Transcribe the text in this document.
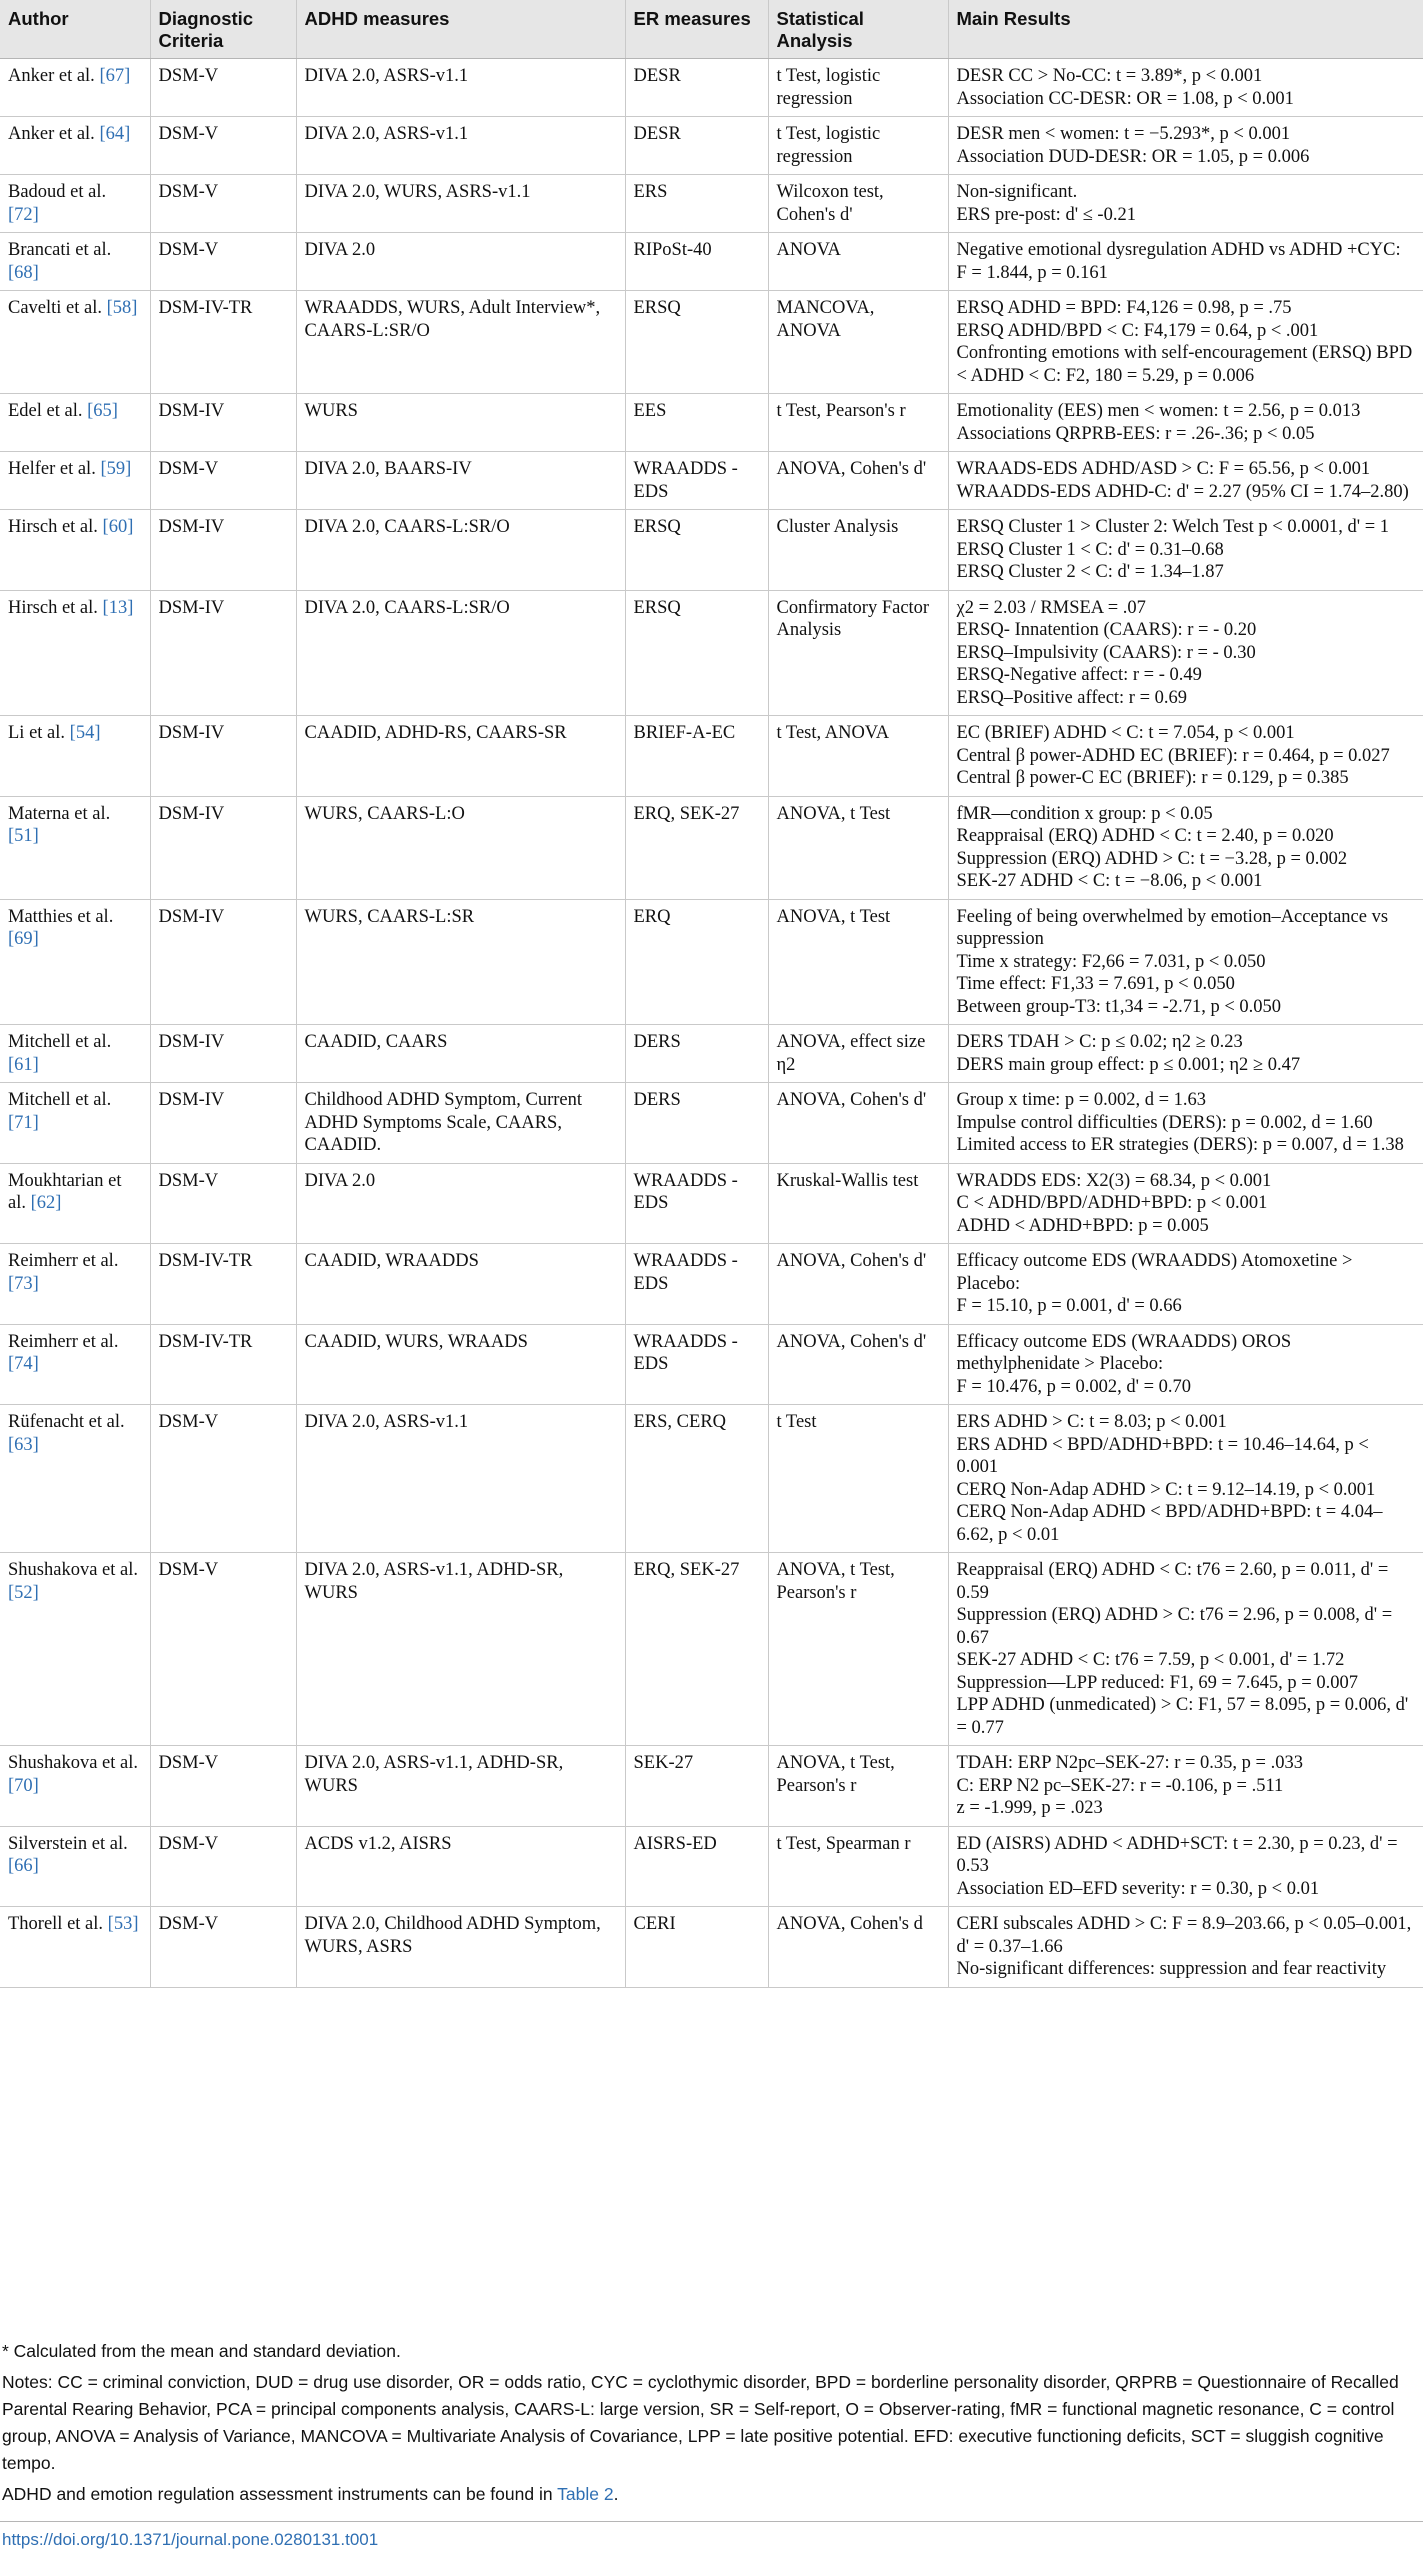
Author	Diagnostic Criteria	ADHD measures	ER measures	Statistical Analysis	Main Results
Anker et al. [67]	DSM-V	DIVA 2.0, ASRS-v1.1	DESR	t Test, logistic regression	DESR CC > No-CC: t = 3.89*, p < 0.001
Association CC-DESR: OR = 1.08, p < 0.001

Anker et al. [64]	DSM-V	DIVA 2.0, ASRS-v1.1	DESR	t Test, logistic regression	DESR men < women: t = −5.293*, p < 0.001
Association DUD-DESR: OR = 1.05, p = 0.006

Badoud et al. [72]	DSM-V	DIVA 2.0, WURS, ASRS-v1.1	ERS	Wilcoxon test, Cohen's d'	Non-significant.
ERS pre-post: d' ≤ -0.21

Brancati et al. [68]	DSM-V	DIVA 2.0	RIPoSt-40	ANOVA	Negative emotional dysregulation ADHD vs ADHD +CYC:
F = 1.844, p = 0.161

Cavelti et al. [58]	DSM-IV-TR	WRAADDS, WURS, Adult Interview*, CAARS-L:SR/O	ERSQ	MANCOVA, ANOVA	ERSQ ADHD = BPD: F4,126 = 0.98, p = .75
ERSQ ADHD/BPD < C: F4,179 = 0.64, p < .001
Confronting emotions with self-encouragement (ERSQ) BPD < ADHD < C: F2, 180 = 5.29, p = 0.006

Edel et al. [65]	DSM-IV	WURS	EES	t Test, Pearson's r	Emotionality (EES) men < women: t = 2.56, p = 0.013
Associations QRPRB-EES: r = .26-.36; p < 0.05

Helfer et al. [59]	DSM-V	DIVA 2.0, BAARS-IV	WRAADDS -EDS	ANOVA, Cohen's d'	WRAADS-EDS ADHD/ASD > C: F = 65.56, p < 0.001
WRAADDS-EDS ADHD-C: d' = 2.27 (95% CI = 1.74–2.80)

Hirsch et al. [60]	DSM-IV	DIVA 2.0, CAARS-L:SR/O	ERSQ	Cluster Analysis	ERSQ Cluster 1 > Cluster 2: Welch Test p < 0.0001, d' = 1
ERSQ Cluster 1 < C: d' = 0.31–0.68
ERSQ Cluster 2 < C: d' = 1.34–1.87

Hirsch et al. [13]	DSM-IV	DIVA 2.0, CAARS-L:SR/O	ERSQ	Confirmatory Factor Analysis	χ2 = 2.03 / RMSEA = .07
ERSQ- Innatention (CAARS): r = - 0.20
ERSQ–Impulsivity (CAARS): r = - 0.30
ERSQ-Negative affect: r = - 0.49
ERSQ–Positive affect: r = 0.69

Li et al. [54]	DSM-IV	CAADID, ADHD-RS, CAARS-SR	BRIEF-A-EC	t Test, ANOVA	EC (BRIEF) ADHD < C: t = 7.054, p < 0.001
Central β power-ADHD EC (BRIEF): r = 0.464, p = 0.027
Central β power-C EC (BRIEF): r = 0.129, p = 0.385

Materna et al. [51]	DSM-IV	WURS, CAARS-L:O	ERQ, SEK-27	ANOVA, t Test	fMR—condition x group: p < 0.05
Reappraisal (ERQ) ADHD < C: t = 2.40, p = 0.020
Suppression (ERQ) ADHD > C: t = −3.28, p = 0.002
SEK-27 ADHD < C: t = −8.06, p < 0.001

Matthies et al. [69]	DSM-IV	WURS, CAARS-L:SR	ERQ	ANOVA, t Test	Feeling of being overwhelmed by emotion–Acceptance vs suppression
Time x strategy: F2,66 = 7.031, p < 0.050
Time effect: F1,33 = 7.691, p < 0.050
Between group-T3: t1,34 = -2.71, p < 0.050

Mitchell et al. [61]	DSM-IV	CAADID, CAARS	DERS	ANOVA, effect size η2	DERS TDAH > C: p ≤ 0.02; η2 ≥ 0.23
DERS main group effect: p ≤ 0.001; η2 ≥ 0.47

Mitchell et al. [71]	DSM-IV	Childhood ADHD Symptom, Current ADHD Symptoms Scale, CAARS, CAADID.	DERS	ANOVA, Cohen's d'	Group x time: p = 0.002, d = 1.63
Impulse control difficulties (DERS): p = 0.002, d = 1.60
Limited access to ER strategies (DERS): p = 0.007, d = 1.38

Moukhtarian et al. [62]	DSM-V	DIVA 2.0	WRAADDS -EDS	Kruskal-Wallis test	WRADDS EDS: X2(3) = 68.34, p < 0.001
C < ADHD/BPD/ADHD+BPD: p < 0.001
ADHD < ADHD+BPD: p = 0.005

Reimherr et al. [73]	DSM-IV-TR	CAADID, WRAADDS	WRAADDS -EDS	ANOVA, Cohen's d'	Efficacy outcome EDS (WRAADDS) Atomoxetine > Placebo:
F = 15.10, p = 0.001, d' = 0.66

Reimherr et al. [74]	DSM-IV-TR	CAADID, WURS, WRAADS	WRAADDS -EDS	ANOVA, Cohen's d'	Efficacy outcome EDS (WRAADDS) OROS methylphenidate > Placebo:
F = 10.476, p = 0.002, d' = 0.70

Rüfenacht et al. [63]	DSM-V	DIVA 2.0, ASRS-v1.1	ERS, CERQ	t Test	ERS ADHD > C: t = 8.03; p < 0.001
ERS ADHD < BPD/ADHD+BPD: t = 10.46–14.64, p < 0.001
CERQ Non-Adap ADHD > C: t = 9.12–14.19, p < 0.001
CERQ Non-Adap ADHD < BPD/ADHD+BPD: t = 4.04–6.62, p < 0.01

Shushakova et al. [52]	DSM-V	DIVA 2.0, ASRS-v1.1, ADHD-SR, WURS	ERQ, SEK-27	ANOVA, t Test, Pearson's r	Reappraisal (ERQ) ADHD < C: t76 = 2.60, p = 0.011, d' = 0.59
Suppression (ERQ) ADHD > C: t76 = 2.96, p = 0.008, d' = 0.67
SEK-27 ADHD < C: t76 = 7.59, p < 0.001, d' = 1.72
Suppression—LPP reduced: F1, 69 = 7.645, p = 0.007
LPP ADHD (unmedicated) > C: F1, 57 = 8.095, p = 0.006, d' = 0.77

Shushakova et al. [70]	DSM-V	DIVA 2.0, ASRS-v1.1, ADHD-SR, WURS	SEK-27	ANOVA, t Test, Pearson's r	TDAH: ERP N2pc–SEK-27: r = 0.35, p = .033
C: ERP N2 pc–SEK-27: r = -0.106, p = .511
z = -1.999, p = .023

Silverstein et al. [66]	DSM-V	ACDS v1.2, AISRS	AISRS-ED	t Test, Spearman r	ED (AISRS) ADHD < ADHD+SCT: t = 2.30, p = 0.23, d' = 0.53
Association ED–EFD severity: r = 0.30, p < 0.01

Thorell et al. [53]	DSM-V	DIVA 2.0, Childhood ADHD Symptom, WURS, ASRS	CERI	ANOVA, Cohen's d	CERI subscales ADHD > C: F = 8.9–203.66, p < 0.05–0.001, d' = 0.37–1.66
No-significant differences: suppression and fear reactivity

* Calculated from the mean and standard deviation.

Notes: CC = criminal conviction, DUD = drug use disorder, OR = odds ratio, CYC = cyclothymic disorder, BPD = borderline personality disorder, QRPRB = Questionnaire of Recalled Parental Rearing Behavior, PCA = principal components analysis, CAARS-L: large version, SR = Self-report, O = Observer-rating, fMR = functional magnetic resonance, C = control group, ANOVA = Analysis of Variance, MANCOVA = Multivariate Analysis of Covariance, LPP = late positive potential. EFD: executive functioning deficits, SCT = sluggish cognitive tempo.

ADHD and emotion regulation assessment instruments can be found in Table 2.

https://doi.org/10.1371/journal.pone.0280131.t001
